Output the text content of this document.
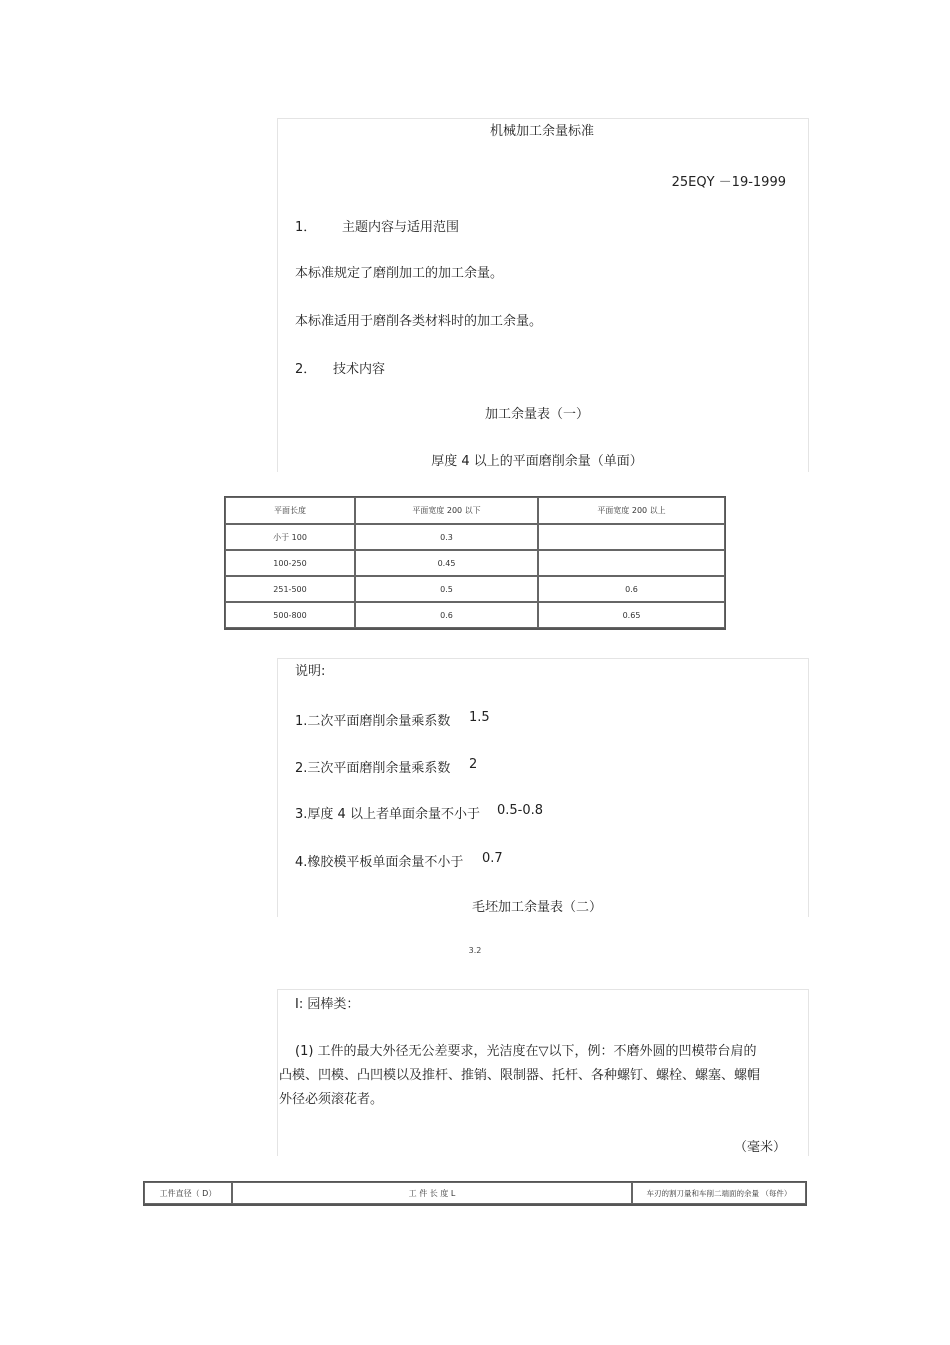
机械加工余量标准
25EQY －19-1999
1． 主题内容与适用范围
本标准规定了磨削加工的加工余量。
本标准适用于磨削各类材料时的加工余量。
2． 技术内容
加工余量表（一）
厚度 4 以上的平面磨削余量（单面）
平面长度	平面宽度 200 以下	平面宽度 200 以上
小于 100	0.3	
100-250	0.45	
251-500	0.5	0.6
500-800	0.6	0.65
说明:
1.二次平面磨削余量乘系数 1.5
2.三次平面磨削余量乘系数 2
3.厚度 4 以上者单面余量不小于 0.5-0.8
4.橡胶模平板单面余量不小于 0.7
毛坯加工余量表（二）
3.2
I: 园棒类：
(1) 工件的最大外径无公差要求，光洁度在▽以下，例：不磨外圆的凹模带台肩的
凸模、凹模、凸凹模以及推杆、推销、限制器、托杆、各种螺钉、螺栓、螺塞、螺帽
外径必须滚花者。
（毫米）
工件直径（ D）	工 件 长 度 L	车刃的割刀量和车削二端面的余量 （每件）
